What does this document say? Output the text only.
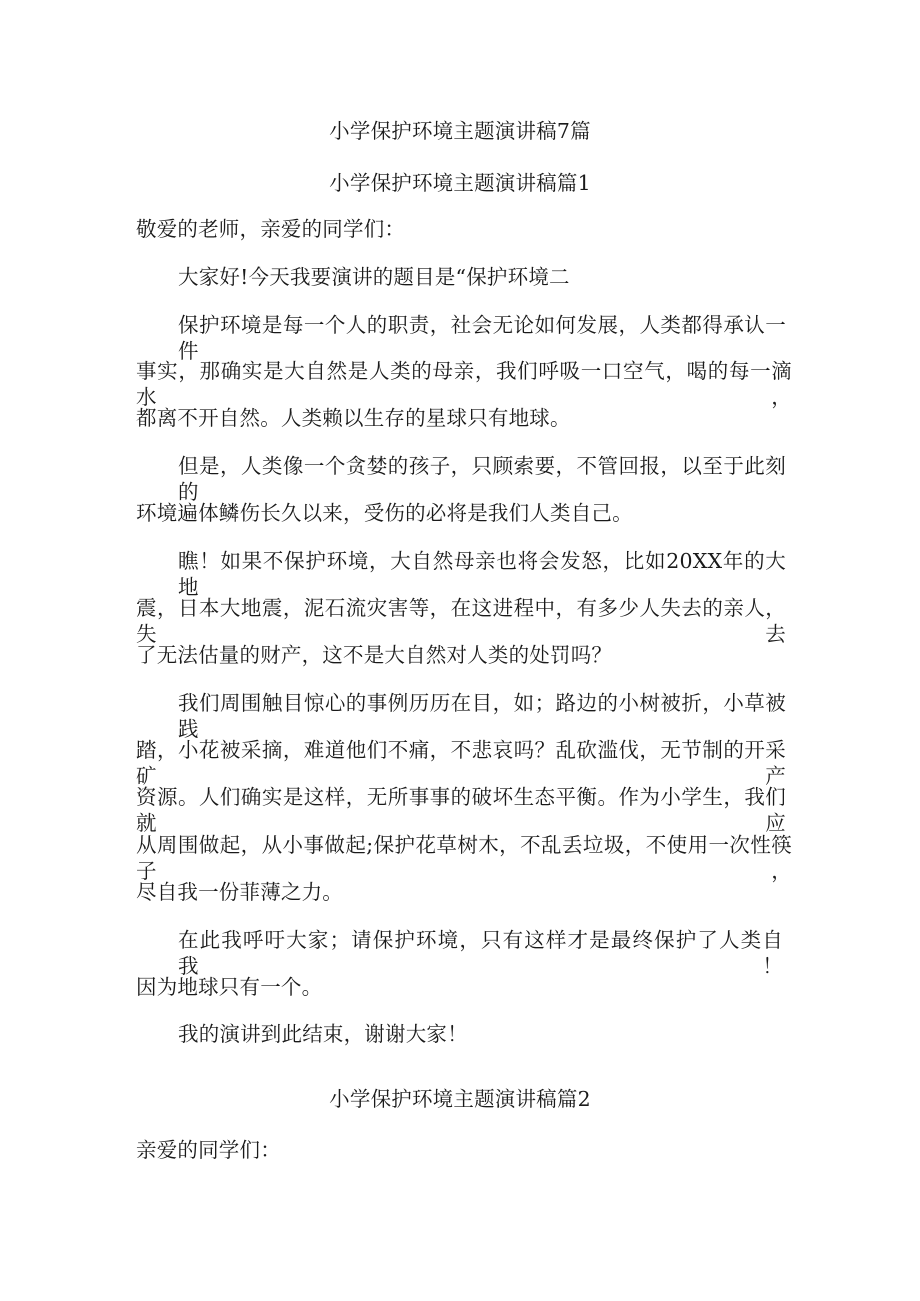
小学保护环境主题演讲稿7篇
小学保护环境主题演讲稿篇1
敬爱的老师，亲爱的同学们：
大家好!今天我要演讲的题目是“保护环境二
保护环境是每一个人的职责，社会无论如何发展，人类都得承认一件
事实，那确实是大自然是人类的母亲，我们呼吸一口空气，喝的每一滴水，
都离不开自然。人类赖以生存的星球只有地球。
但是，人类像一个贪婪的孩子，只顾索要，不管回报，以至于此刻的
环境遍体鳞伤长久以来，受伤的必将是我们人类自己。
瞧！如果不保护环境，大自然母亲也将会发怒，比如20XX年的大地
震，日本大地震，泥石流灾害等，在这进程中，有多少人失去的亲人，失去
了无法估量的财产，这不是大自然对人类的处罚吗？
我们周围触目惊心的事例历历在目，如；路边的小树被折，小草被践
踏，小花被采摘，难道他们不痛，不悲哀吗？乱砍滥伐，无节制的开采矿产
资源。人们确实是这样，无所事事的破坏生态平衡。作为小学生，我们就应
从周围做起，从小事做起;保护花草树木，不乱丢垃圾，不使用一次性筷子，
尽自我一份菲薄之力。
在此我呼吁大家；请保护环境，只有这样才是最终保护了人类自我！
因为地球只有一个。
我的演讲到此结束，谢谢大家！
小学保护环境主题演讲稿篇2
亲爱的同学们：
